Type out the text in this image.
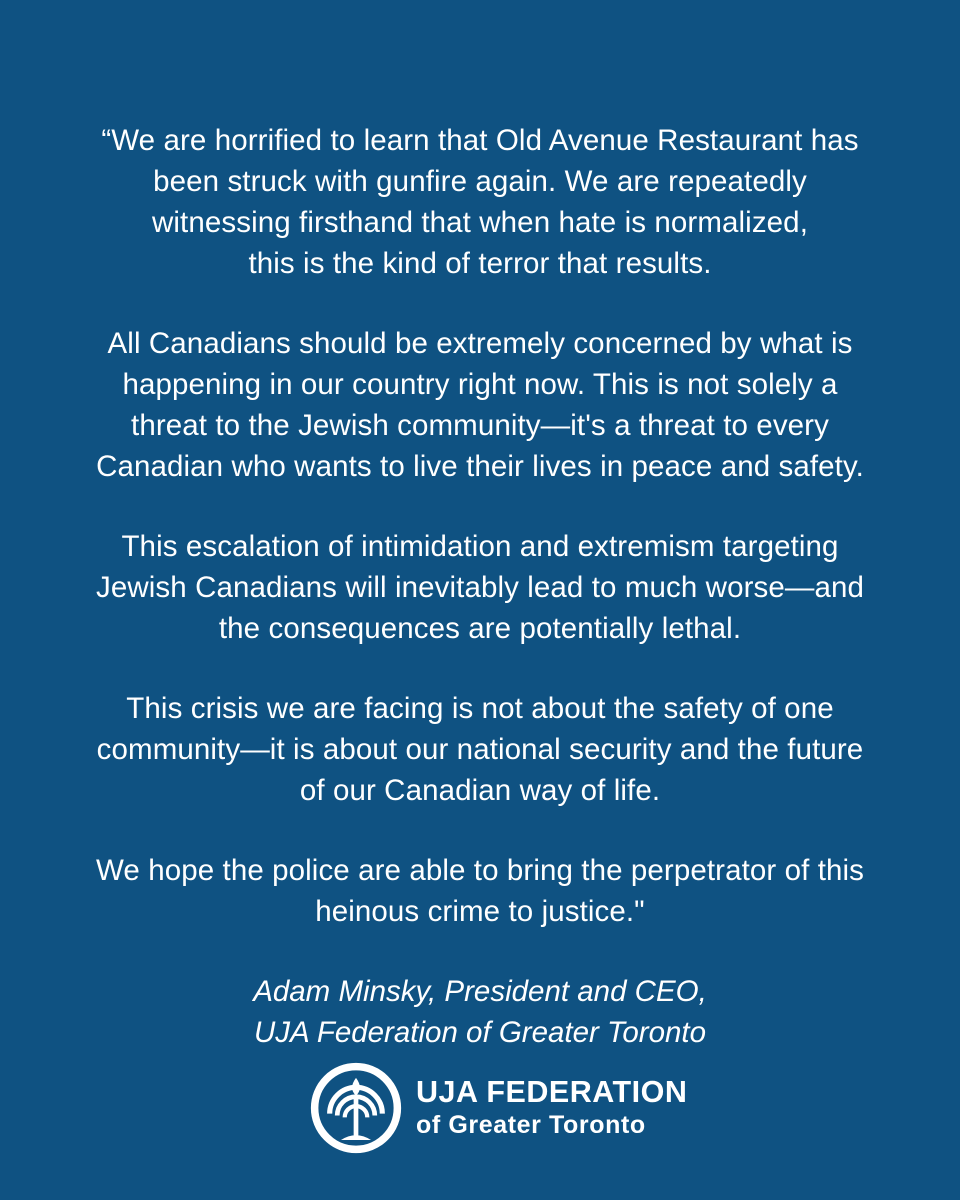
“We are horrified to learn that Old Avenue Restaurant has
been struck with gunfire again. We are repeatedly
witnessing firsthand that when hate is normalized,
this is the kind of terror that results.

All Canadians should be extremely concerned by what is
happening in our country right now. This is not solely a
threat to the Jewish community—it's a threat to every
Canadian who wants to live their lives in peace and safety.

This escalation of intimidation and extremism targeting
Jewish Canadians will inevitably lead to much worse—and
the consequences are potentially lethal.

This crisis we are facing is not about the safety of one
community—it is about our national security and the future
of our Canadian way of life.

We hope the police are able to bring the perpetrator of this
heinous crime to justice."

Adam Minsky, President and CEO,
UJA Federation of Greater Toronto

UJA FEDERATION
of Greater Toronto
